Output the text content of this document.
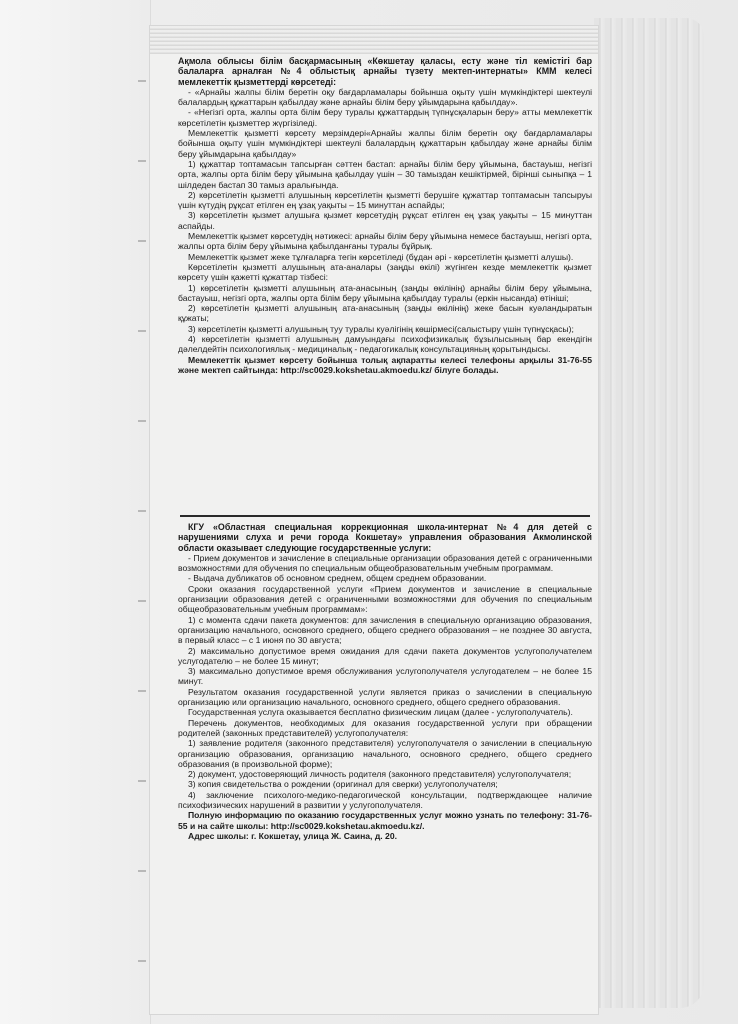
Ақмола облысы білім басқармасының «Көкшетау қаласы, есту және тіл кемістігі бар балаларға арналған №4 облыстық арнайы түзету мектеп-интернаты» КММ келесі мемлекеттік қызметтерді көрсетеді:

- «Арнайы жалпы білім беретін оқу бағдарламалары бойынша оқыту үшін мүмкіндіктері шектеулі балалардың құжаттарын қабылдау және арнайы білім беру ұйымдарына қабылдау».

- «Негізгі орта, жалпы орта білім беру туралы құжаттардың түпнұсқаларын беру» атты мемлекеттік көрсетілетін қызметтер жүргізіледі.

Мемлекеттік қызметті көрсету мерзімдері«Арнайы жалпы білім беретін оқу бағдарламалары бойынша оқыту үшін мүмкіндіктері шектеулі балалардың құжаттарын қабылдау және арнайы білім беру ұйымдарына қабылдау»

1) құжаттар топтамасын тапсырған сәттен бастап: арнайы білім беру ұйымына, бастауыш, негізгі орта, жалпы орта білім беру ұйымына қабылдау үшін – 30 тамыздан кешіктірмей, бірінші сыныпқа – 1 шілдеден бастап 30 тамыз аралығында.

2) көрсетілетін қызметті алушының көрсетілетін қызметті берушіге құжаттар топтамасын тапсыруы үшін күтудің рұқсат етілген ең ұзақ уақыты – 15 минуттан аспайды;

3) көрсетілетін қызмет алушыға қызмет көрсетудің рұқсат етілген ең ұзақ уақыты – 15 минуттан аспайды.

Мемлекеттік қызмет көрсетудің нәтижесі: арнайы білім беру ұйымына немесе бастауыш, негізгі орта, жалпы орта білім беру ұйымына қабылданғаны туралы бұйрық.

Мемлекеттік қызмет жеке тұлғаларға тегін көрсетіледі (бұдан әрі - көрсетілетін қызметті алушы).

Көрсетілетін қызметті алушының ата-аналары (заңды өкілі) жүгінген кезде мемлекеттік қызмет көрсету үшін қажетті құжаттар тізбесі:

1) көрсетілетін қызметті алушының ата-анасының (заңды өкілінің) арнайы білім беру ұйымына, бастауыш, негізгі орта, жалпы орта білім беру ұйымына қабылдау туралы (еркін нысанда) өтініші;

2) көрсетілетін қызметті алушының ата-анасының (заңды өкілінің) жеке басын куәландыратын құжаты;

3) көрсетілетін қызметті алушының туу туралы куәлігінің көшірмесі(салыстыру үшін түпнұсқасы);

4) көрсетілетін қызметті алушының дамуындағы психофизикалық бұзылысының бар екендігін дәлелдейтін психологиялық - медициналық - педагогикалық консультацияның қорытындысы.

Мемлекеттік қызмет көрсету бойынша толық ақпаратты келесі телефоны арқылы 31-76-55 және мектеп сайтында: http://sc0029.kokshetau.akmoedu.kz/ білуге болады.

КГУ «Областная специальная коррекционная школа-интернат №4 для детей с нарушениями слуха и речи города Кокшетау» управления образования Акмолинской области оказывает следующие государственные услуги:

- Прием документов и зачисление в специальные организации образования детей с ограниченными возможностями для обучения по специальным общеобразовательным учебным программам.

- Выдача дубликатов об основном среднем, общем среднем образовании.

Сроки оказания государственной услуги «Прием документов и зачисление в специальные организации образования детей с ограниченными возможностями для обучения по специальным общеобразовательным учебным программам»:

1) с момента сдачи пакета документов: для зачисления в специальную организацию образования, организацию начального, основного среднего, общего среднего образования – не позднее 30 августа, в первый класс – с 1 июня по 30 августа;

2) максимально допустимое время ожидания для сдачи пакета документов услугополучателем услугодателю – не более 15 минут;

3) максимально допустимое время обслуживания услугополучателя услугодателем – не более 15 минут.

Результатом оказания государственной услуги является приказ о зачислении в специальную организацию или организацию начального, основного среднего, общего среднего образования.

Государственная услуга оказывается бесплатно физическим лицам (далее - услугополучатель).

Перечень документов, необходимых для оказания государственной услуги при обращении родителей (законных представителей) услугополучателя:

1) заявление родителя (законного представителя) услугополучателя о зачислении в специальную организацию образования, организацию начального, основного среднего, общего среднего образования (в произвольной форме);

2) документ, удостоверяющий личность родителя (законного представителя) услугополучателя;

3) копия свидетельства о рождении (оригинал для сверки) услугополучателя;

4) заключение психолого-медико-педагогической консультации, подтверждающее наличие психофизических нарушений в развитии у услугополучателя.

Полную информацию по оказанию государственных услуг можно узнать по телефону: 31-76-55 и на сайте школы: http://sc0029.kokshetau.akmoedu.kz/.

Адрес школы: г. Кокшетау, улица Ж. Саина, д. 20.
